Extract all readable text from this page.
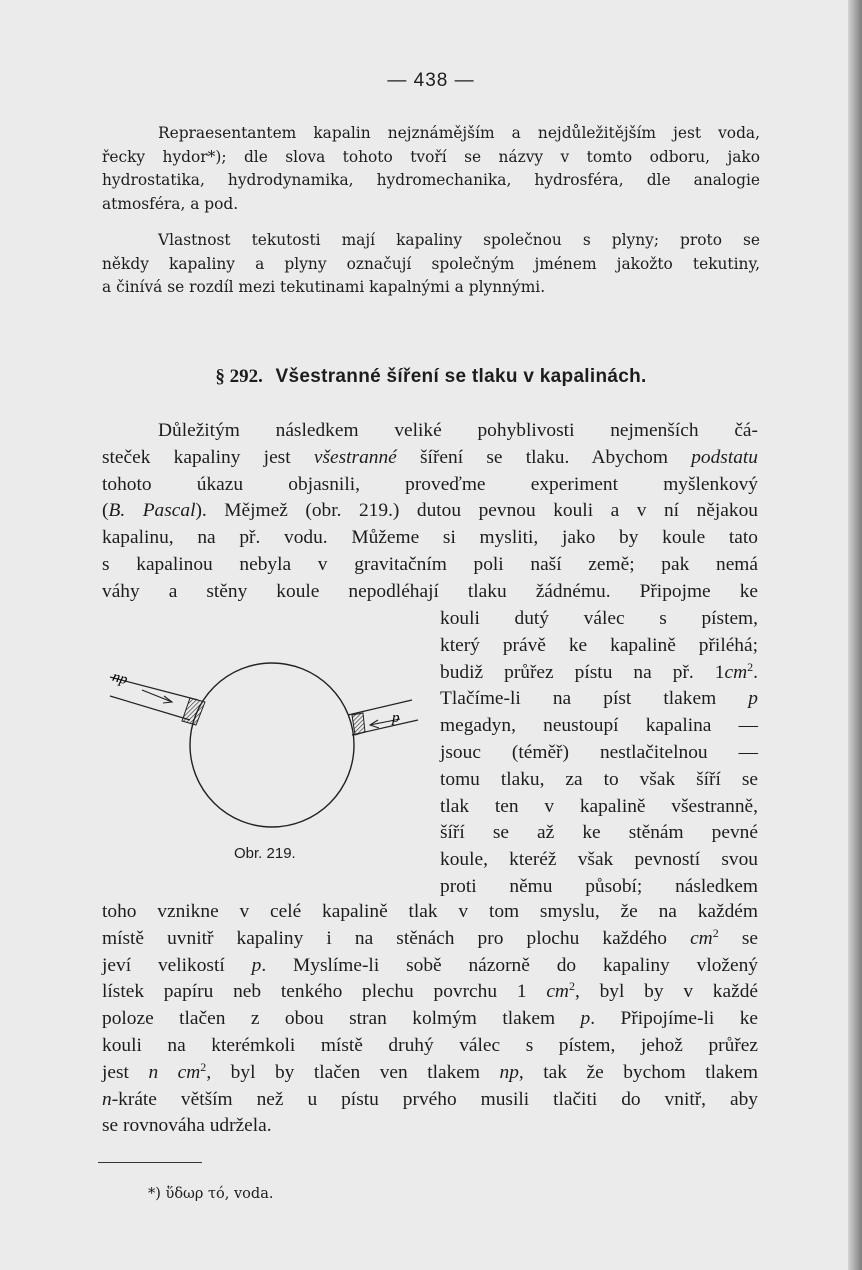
— 438 —

Repraesentantem kapalin nejznámějším a nejdůležitějším jest voda,
řecky hydor*); dle slova tohoto tvoří se názvy v tomto odboru, jako
hydrostatika, hydrodynamika, hydromechanika, hydrosféra, dle analogie
atmosféra, a pod.

Vlastnost tekutosti mají kapaliny společnou s plyny; proto se
někdy kapaliny a plyny označují společným jménem jakožto tekutiny,
a činívá se rozdíl mezi tekutinami kapalnými a plynnými.

§ 292. Všestranné šíření se tlaku v kapalinách.

Důležitým následkem veliké pohyblivosti nejmenších čá-
steček kapaliny jest všestranné šíření se tlaku. Abychom podstatu
tohoto úkazu objasnili, proveďme experiment myšlenkový
(B. Pascal). Mějmež (obr. 219.) dutou pevnou kouli a v ní nějakou
kapalinu, na př. vodu. Můžeme si mysliti, jako by koule tato
s kapalinou nebyla v gravitačním poli naší země; pak nemá
váhy a stěny koule nepodléhají tlaku žádnému. Připojme ke

kouli dutý válec s pístem,
který právě ke kapalině přiléhá;
budiž průřez pístu na př. $1cm^2$.
Tlačíme-li na píst tlakem p
megadyn, neustoupí kapalina —
jsouc (téměř) nestlačitelnou —
tomu tlaku, za to však šíří se
tlak ten v kapalině všestranně,
šíří se až ke stěnám pevné
koule, kteréž však pevností svou
proti němu působí; následkem

np
p
Obr. 219.

toho vznikne v celé kapalině tlak v tom smyslu, že na každém
místě uvnitř kapaliny i na stěnách pro plochu každého $cm^2$ se
jeví velikostí p. Myslíme-li sobě názorně do kapaliny vložený
lístek papíru neb tenkého plechu povrchu 1 $cm^2$, byl by v každé
poloze tlačen z obou stran kolmým tlakem p. Připojíme-li ke
kouli na kterémkoli místě druhý válec s pístem, jehož průřez
jest n $cm^2$, byl by tlačen ven tlakem np, tak že bychom tlakem
n-kráte větším než u pístu prvého musili tlačiti do vnitř, aby
se rovnováha udržela.

*) ὕδωρ τό, voda.
